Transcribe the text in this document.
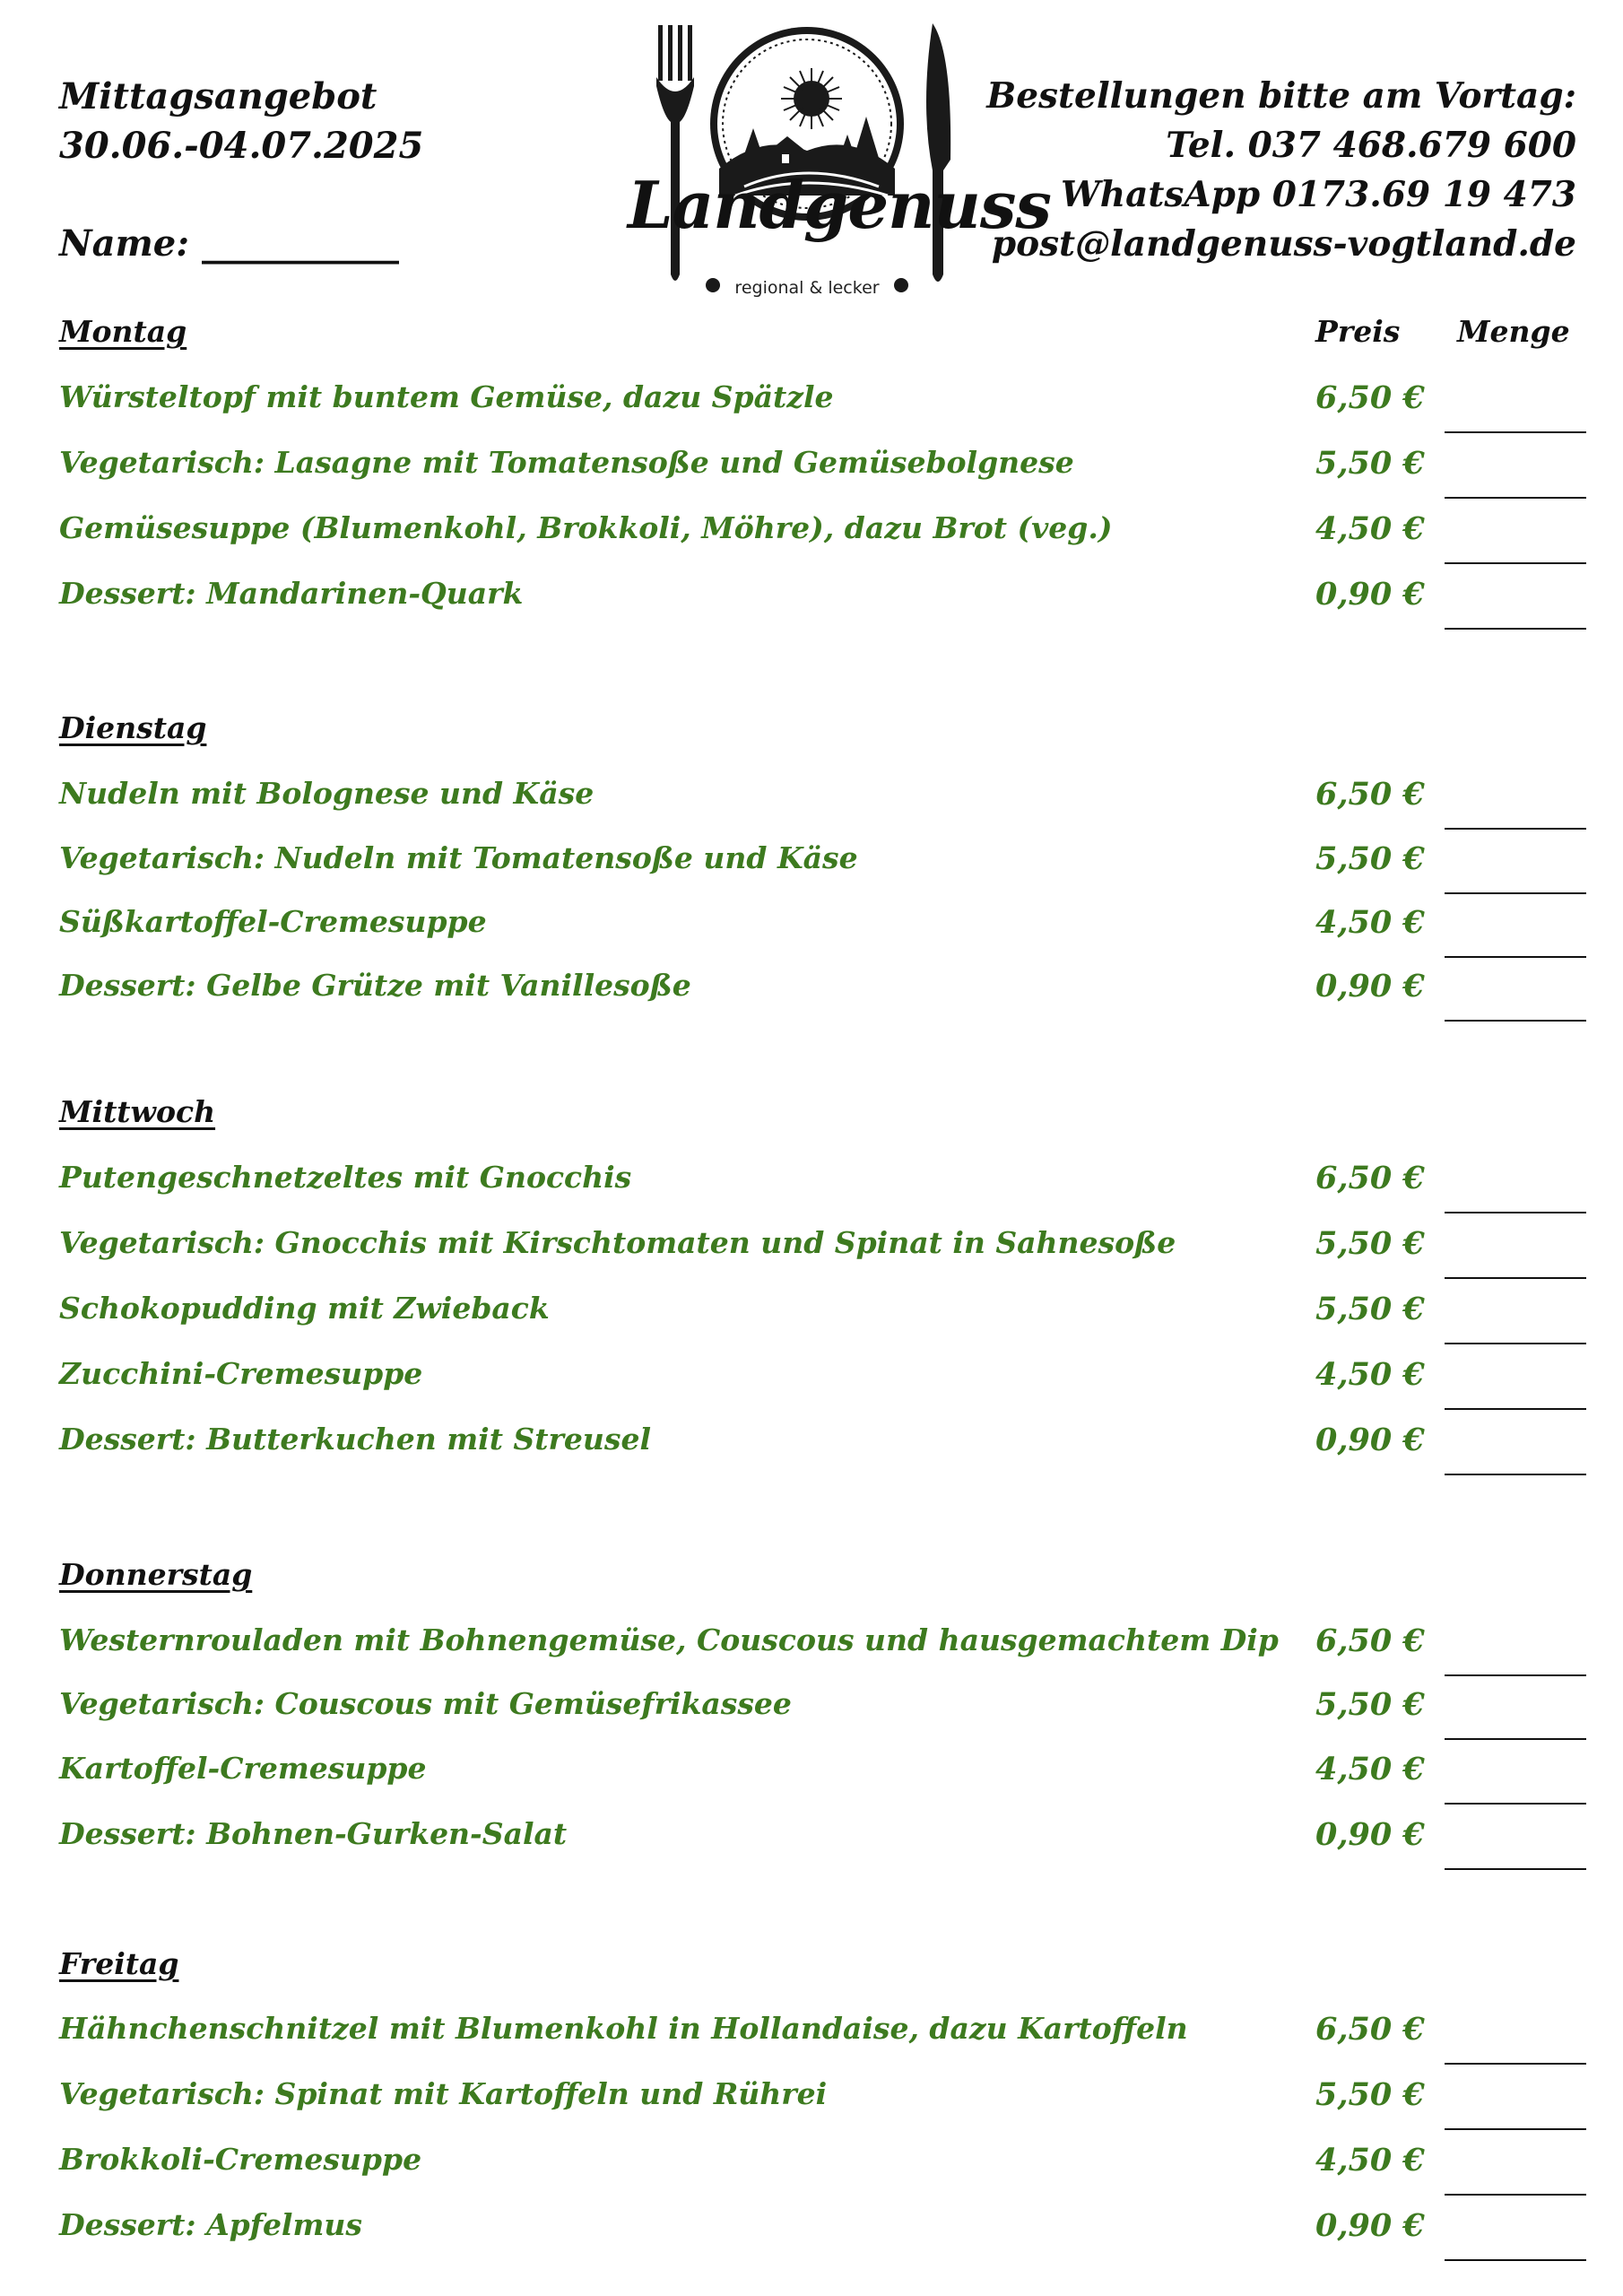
Mittagsangebot
30.06.-04.07.2025
Name: ___________
Landgenuss
regional & lecker
Bestellungen bitte am Vortag:
Tel. 037 468.679 600
WhatsApp 0173.69 19 473
post@landgenuss-vogtland.de
Preis Menge
Montag
Würsteltopf mit buntem Gemüse, dazu Spätzle	6,50 €
Vegetarisch: Lasagne mit Tomatensoße und Gemüsebolgnese	5,50 €
Gemüsesuppe (Blumenkohl, Brokkoli, Möhre), dazu Brot (veg.)	4,50 €
Dessert: Mandarinen-Quark	0,90 €
Dienstag
Nudeln mit Bolognese und Käse	6,50 €
Vegetarisch: Nudeln mit Tomatensoße und Käse	5,50 €
Süßkartoffel-Cremesuppe	4,50 €
Dessert: Gelbe Grütze mit Vanillesoße	0,90 €
Mittwoch
Putengeschnetzeltes mit Gnocchis	6,50 €
Vegetarisch: Gnocchis mit Kirschtomaten und Spinat in Sahnesoße	5,50 €
Schokopudding mit Zwieback	5,50 €
Zucchini-Cremesuppe	4,50 €
Dessert: Butterkuchen mit Streusel	0,90 €
Donnerstag
Westernrouladen mit Bohnengemüse, Couscous und hausgemachtem Dip 6,50 €
Vegetarisch: Couscous mit Gemüsefrikassee	5,50 €
Kartoffel-Cremesuppe	4,50 €
Dessert: Bohnen-Gurken-Salat	0,90 €
Freitag
Hähnchenschnitzel mit Blumenkohl in Hollandaise, dazu Kartoffeln	6,50 €
Vegetarisch: Spinat mit Kartoffeln und Rührei	5,50 €
Brokkoli-Cremesuppe	4,50 €
Dessert: Apfelmus	0,90 €
